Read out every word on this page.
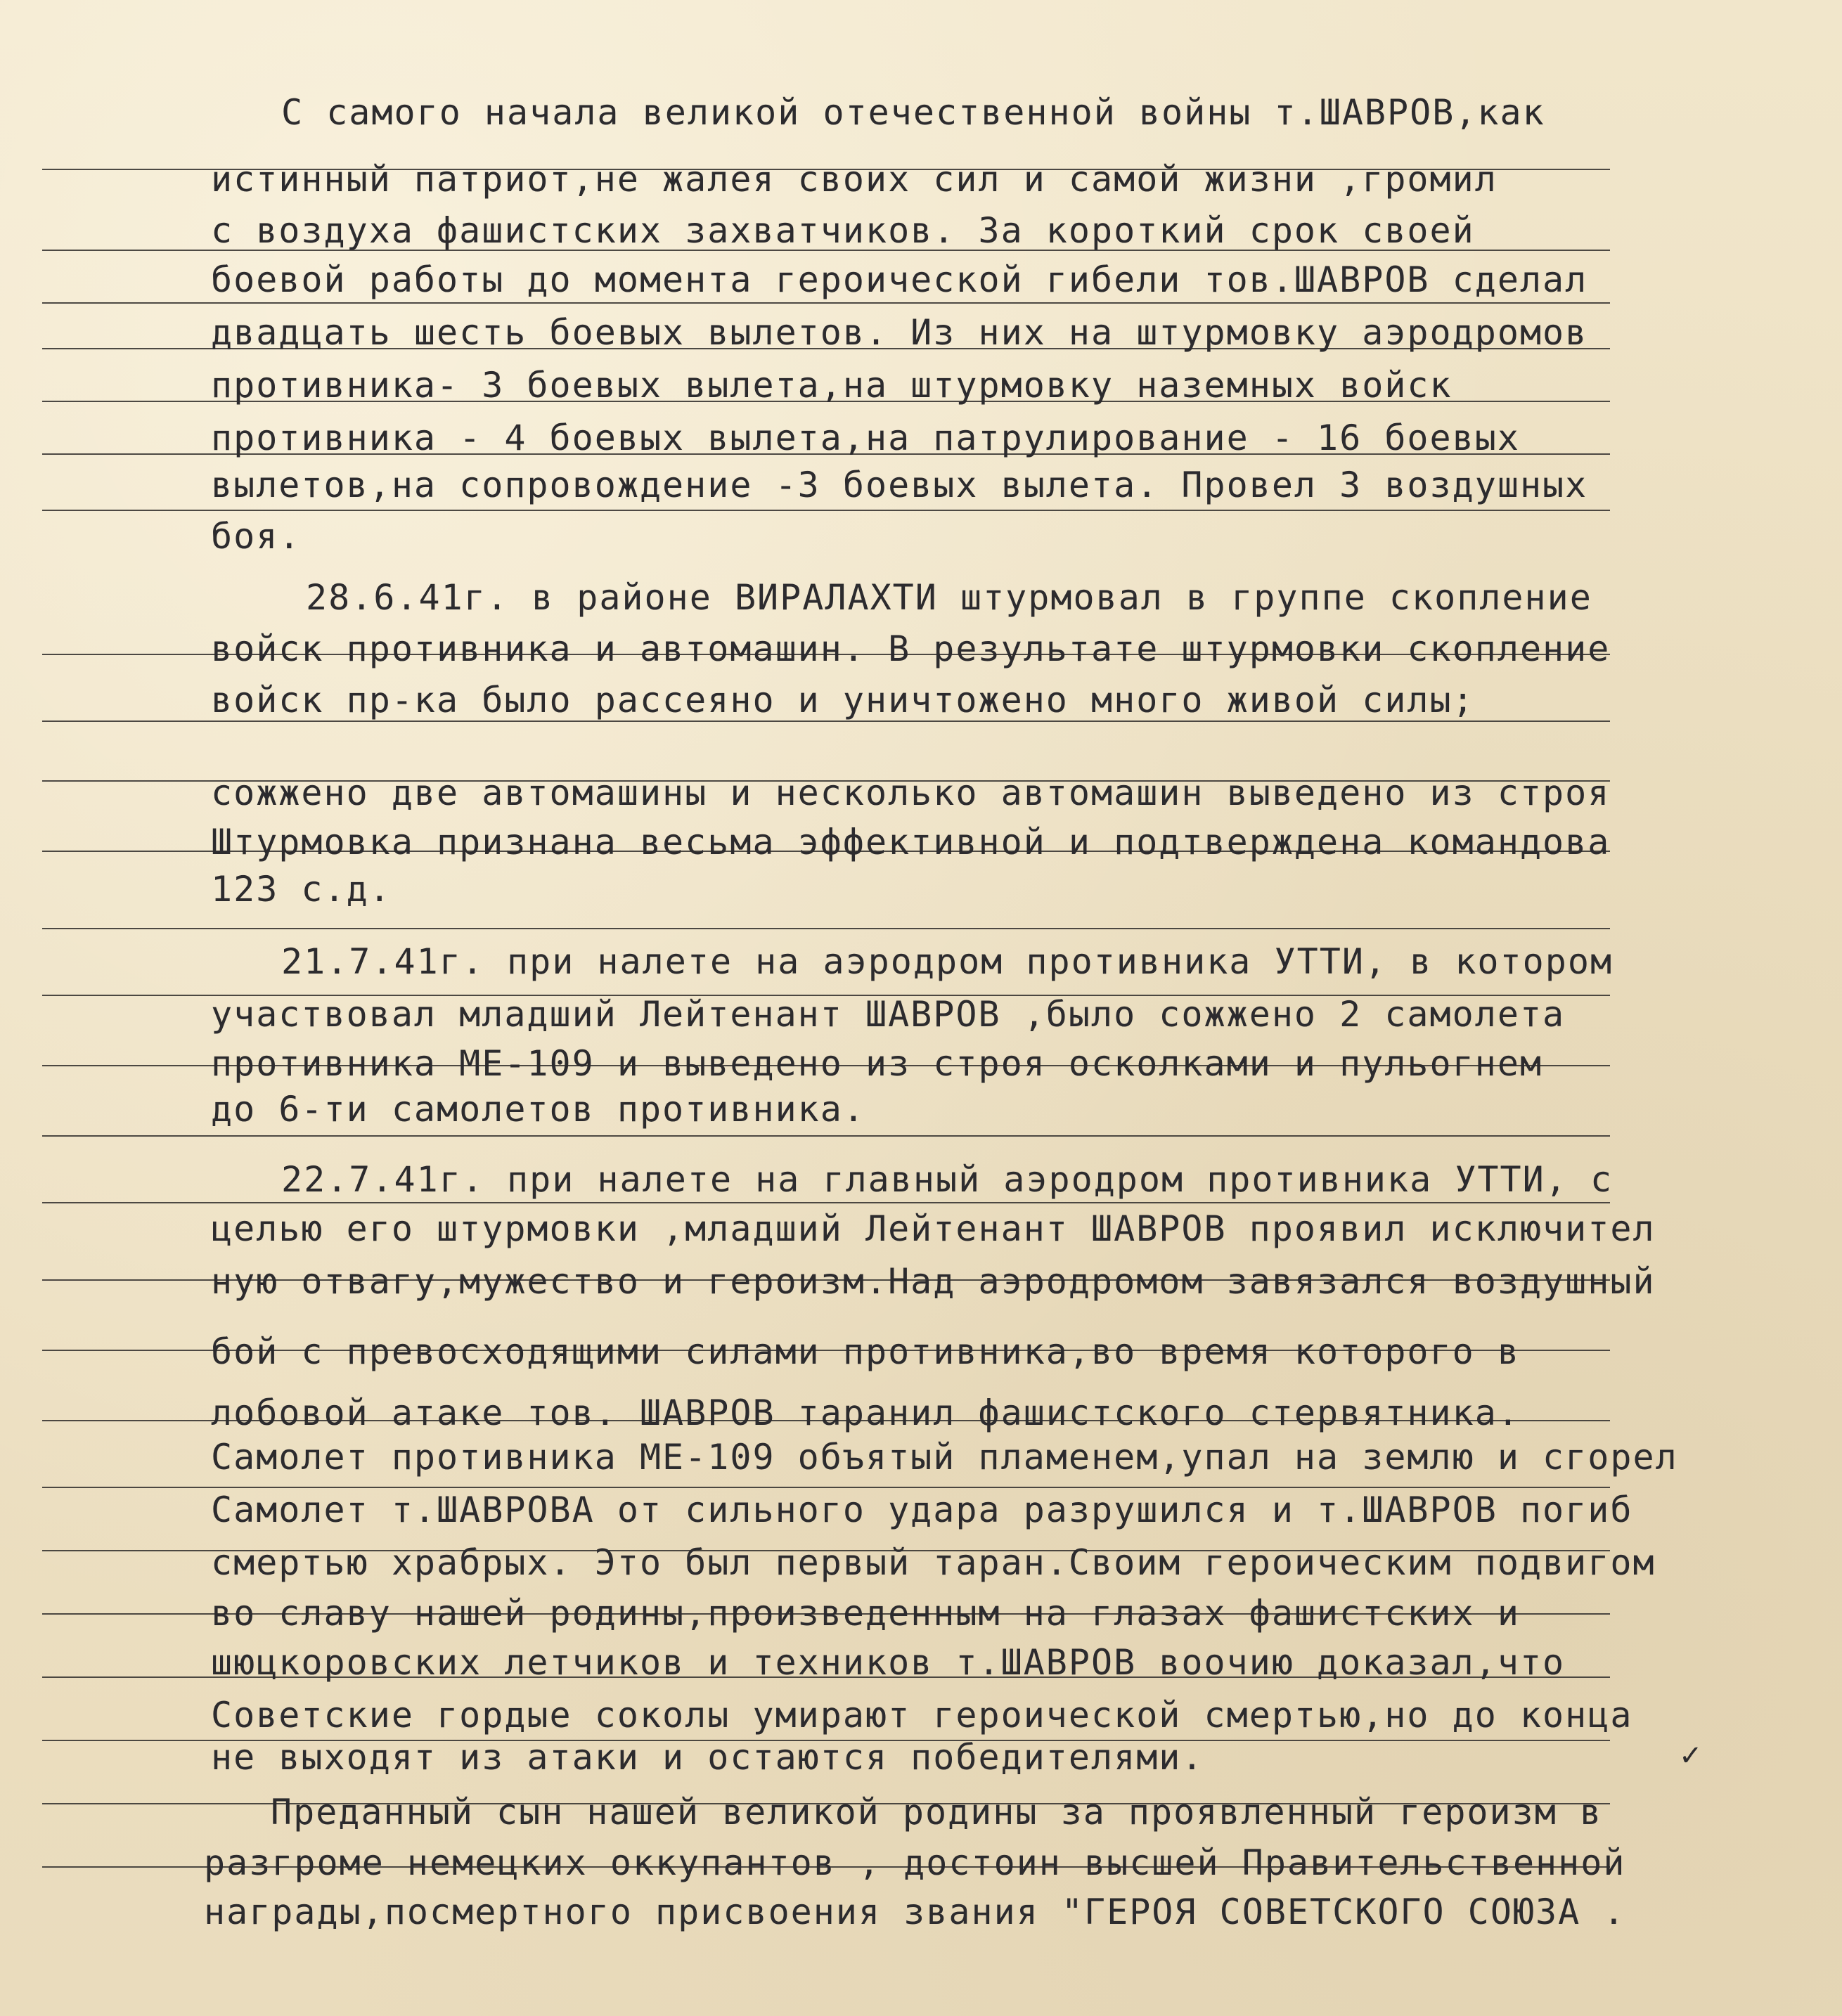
С самого начала великой отечественной войны т.ШАВРОВ,как
истинный патриот,не жалея своих сил и самой жизни ,громил
с воздуха фашистских захватчиков. За короткий срок своей
боевой работы до момента героической гибели тов.ШАВРОВ сделал
двадцать шесть боевых вылетов. Из них на штурмовку аэродромов
противника- 3 боевых вылета,на штурмовку наземных войск
противника - 4 боевых вылета,на патрулирование - 16 боевых
вылетов,на сопровождение -3 боевых вылета. Провел 3 воздушных
боя.
28.6.41г. в районе ВИРАЛАХТИ штурмовал в группе скопление
войск противника и автомашин. В результате штурмовки скопление
войск пр-ка было рассеяно и уничтожено много живой силы;
сожжено две автомашины и несколько автомашин выведено из строя
Штурмовка признана весьма эффективной и подтверждена командова
123 с.д.
21.7.41г. при налете на аэродром противника УТТИ, в котором
участвовал младший Лейтенант ШАВРОВ ,было сожжено 2 самолета
противника МЕ-109 и выведено из строя осколками и пульогнем
до 6-ти самолетов противника.
22.7.41г. при налете на главный аэродром противника УТТИ, с
целью его штурмовки ,младший Лейтенант ШАВРОВ проявил исключител
ную отвагу,мужество и героизм.Над аэродромом завязался воздушный
бой с превосходящими силами противника,во время которого в
лобовой атаке тов. ШАВРОВ таранил фашистского стервятника.
Самолет противника МЕ-109 объятый пламенем,упал на землю и сгорел
Самолет т.ШАВРОВА от сильного удара разрушился и т.ШАВРОВ погиб
смертью храбрых. Это был первый таран.Своим героическим подвигом
во славу нашей родины,произведенным на глазах фашистских и
шюцкоровских летчиков и техников т.ШАВРОВ воочию доказал,что
Советские гордые соколы умирают героической смертью,но до конца
не выходят из атаки и остаются победителями.
Преданный сын нашей великой родины за проявленный героизм в
разгроме немецких оккупантов , достоин высшей Правительственной
награды,посмертного присвоения звания "ГЕРОЯ СОВЕТСКОГО СОЮЗА .
✓
